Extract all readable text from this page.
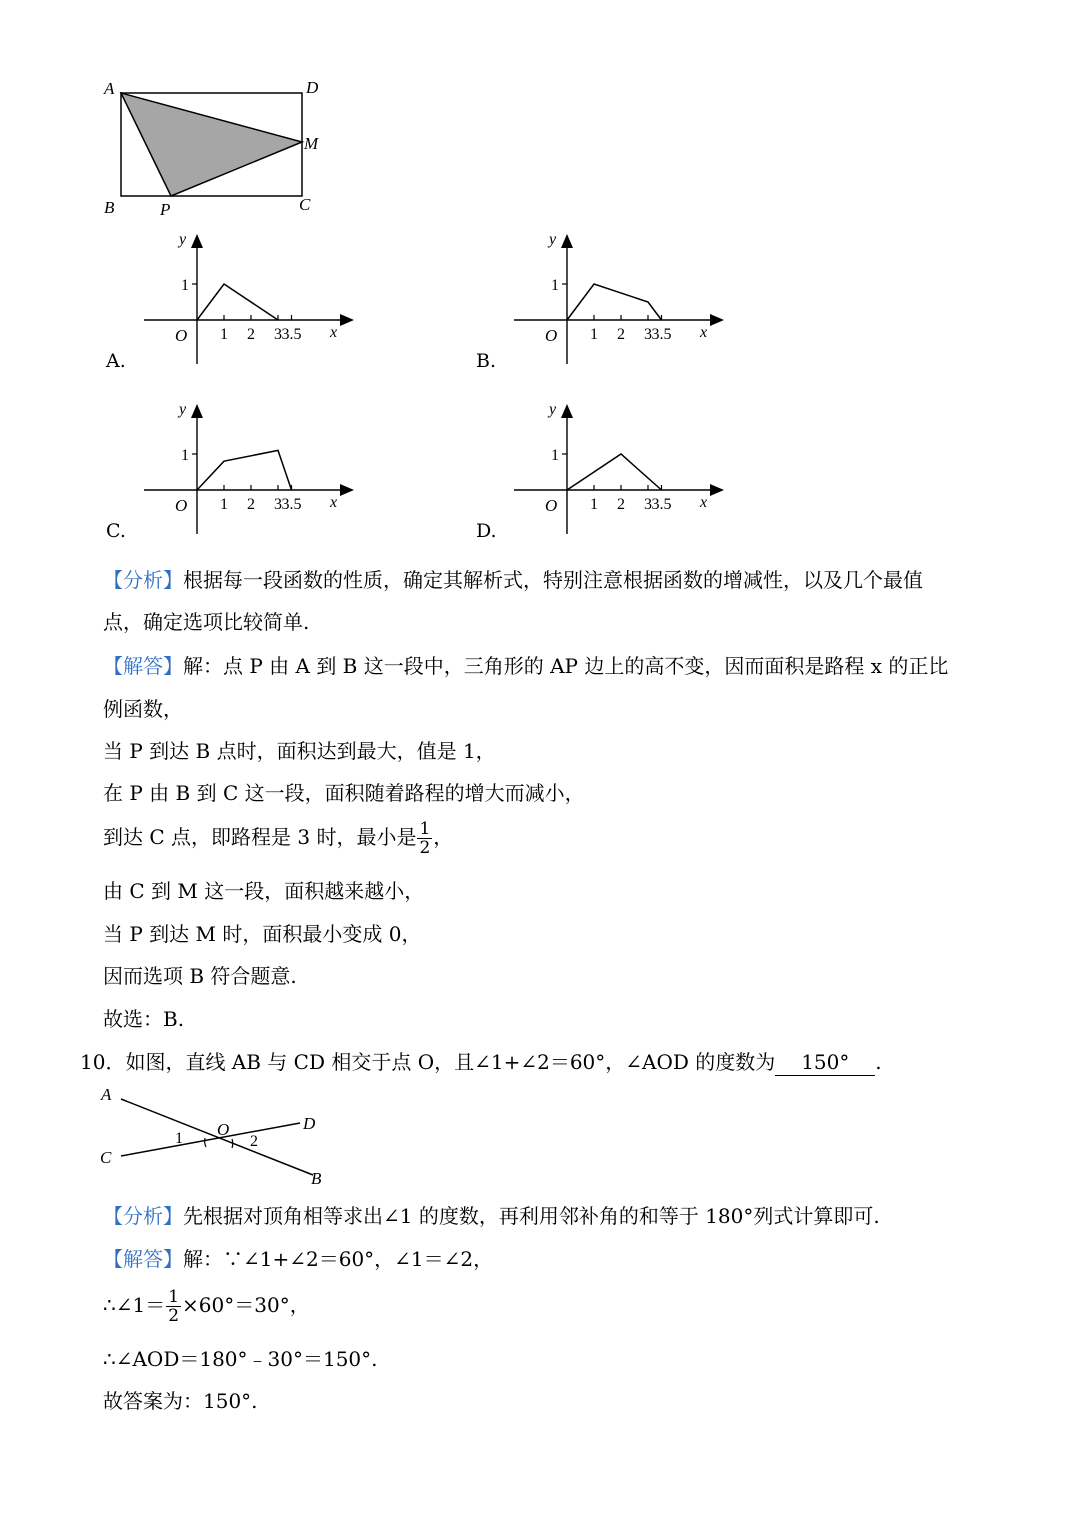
A	D
M
B	P	C
y
x
O
1
1 2 3 3.5
A.
y
x
O
1
1 2 3 3.5
B.
y
x
O
1
1 2 3 3.5
C.
y
x
O
1
1 2 3 3.5
D.
【分析】根据每一段函数的性质，确定其解析式，特别注意根据函数的增减性，以及几个最值
点，确定选项比较简单.
【解答】解：点 P 由 A 到 B 这一段中，三角形的 AP 边上的高不变，因而面积是路程 x 的正比
例函数，
当 P 到达 B 点时，面积达到最大，值是 1，
在 P 由 B 到 C 这一段，面积随着路程的增大而减小，
到达 C 点，即路程是 3 时，最小是 $\frac{1}{2}$ ，
由 C 到 M 这一段，面积越来越小，
当 P 到达 M 时，面积最小变成 0，
因而选项 B 符合题意.
故选：B.
10．如图，直线 AB 与 CD 相交于点 O，且∠1+∠2＝60°，∠AOD 的度数为 150° .
A
D
O
1	2
C
B
【分析】先根据对顶角相等求出∠1 的度数，再利用邻补角的和等于 180°列式计算即可.
【解答】解：∵∠1+∠2＝60°，∠1＝∠2，
∴∠1＝ $\frac{1}{2} \times 60^\circ=30^\circ$，
∴∠AOD＝180°﹣30°＝150°.
故答案为：150°.
